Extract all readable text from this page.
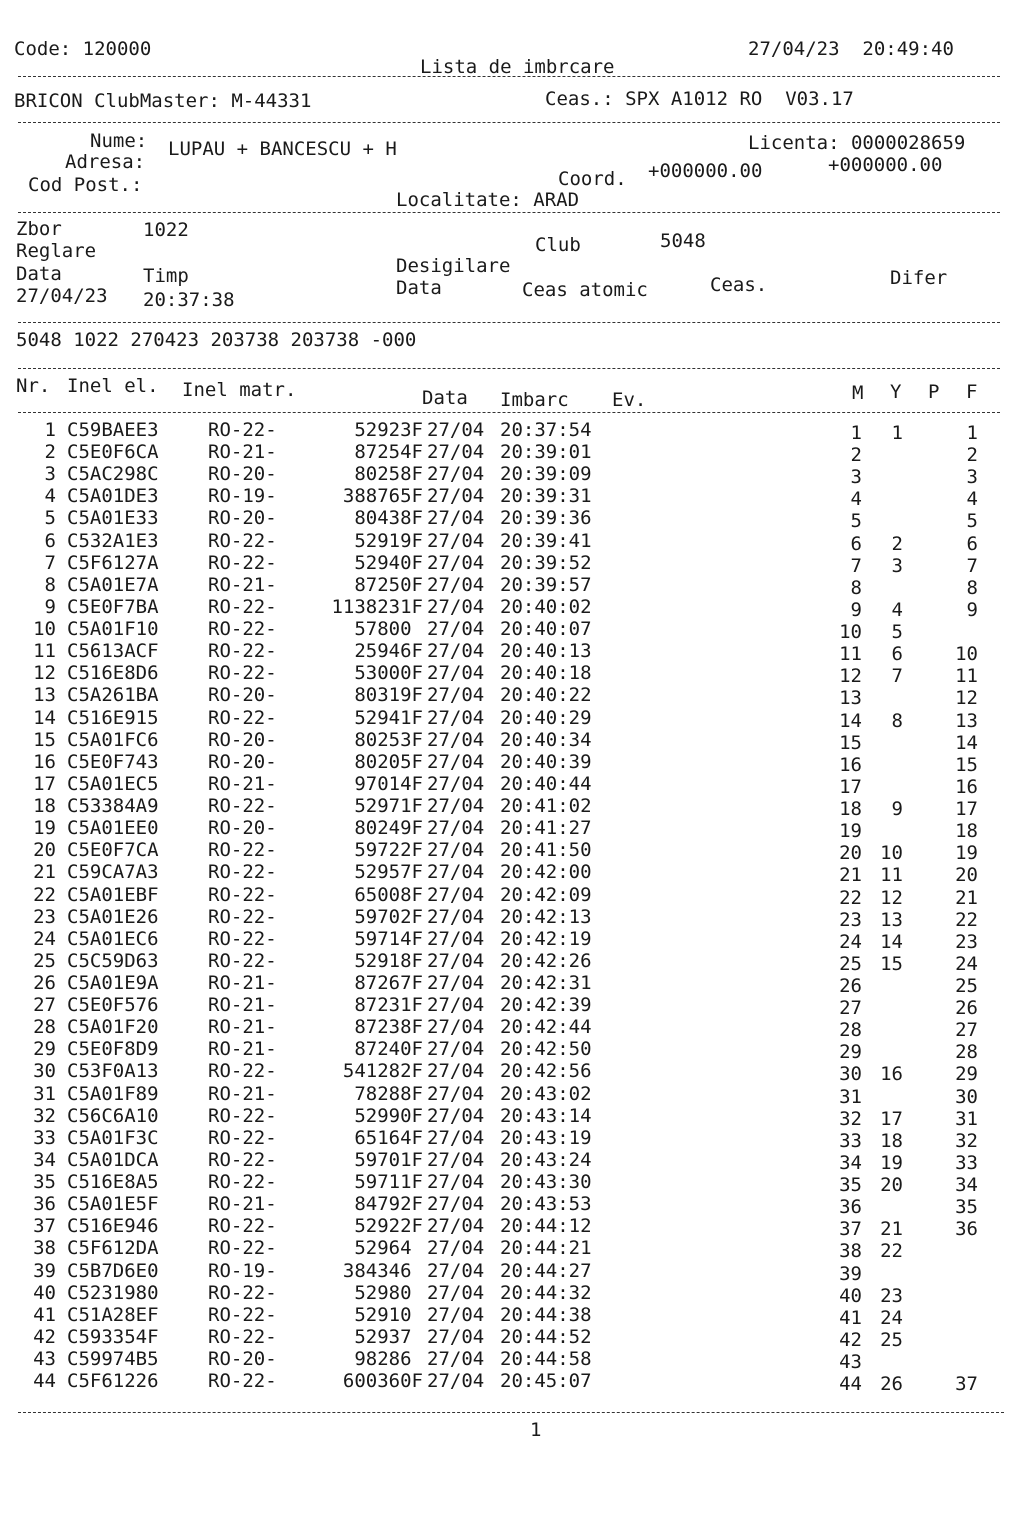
Code: 120000
Lista de imbrcare
27/04/23  20:49:40
BRICON ClubMaster: M-44331	Ceas.: SPX A1012 RO  V03.17
Nume: LUPAU + BANCESCU + H	Licenta: 0000028659
Adresa:
Coord. +000000.00	+000000.00
Cod Post.:
Localitate: ARAD
Zbor	1022
Reglare	Club	5048
Data	Timp	Desigilare
Data	Ceas atomic	Ceas.	Difer
27/04/23 20:37:38
5048 1022 270423 203738 203738 -000
Nr. Inel el. Inel matr.	Data Imbarc Ev.	M Y P F
1 C59BAEE3	RO-22-	52923F 27/04 20:37:54	1 1	1
2 C5E0F6CA	RO-21-	87254F 27/04 20:39:01	2	2
3 C5AC298C	RO-20-	80258F 27/04 20:39:09	3	3
4 C5A01DE3	RO-19-	388765F 27/04 20:39:31	4	4
5 C5A01E33	RO-20-	80438F 27/04 20:39:36	5	5
6 C532A1E3	RO-22-	52919F 27/04 20:39:41	6 2	6
7 C5F6127A	RO-22-	52940F 27/04 20:39:52	7 3	7
8 C5A01E7A	RO-21-	87250F 27/04 20:39:57	8	8
9 C5E0F7BA	RO-22-	1138231F 27/04 20:40:02	9 4	9
10 C5A01F10	RO-22-	57800 27/04 20:40:07	10 5
11 C5613ACF	RO-22-	25946F 27/04 20:40:13	11 6	10
12 C516E8D6	RO-22-	53000F 27/04 20:40:18	12 7	11
13 C5A261BA	RO-20-	80319F 27/04 20:40:22	13	12
14 C516E915	RO-22-	52941F 27/04 20:40:29	14 8	13
15 C5A01FC6	RO-20-	80253F 27/04 20:40:34	15	14
16 C5E0F743	RO-20-	80205F 27/04 20:40:39	16	15
17 C5A01EC5	RO-21-	97014F 27/04 20:40:44	17	16
18 C53384A9	RO-22-	52971F 27/04 20:41:02	18 9	17
19 C5A01EE0	RO-20-	80249F 27/04 20:41:27	19	18
20 C5E0F7CA	RO-22-	59722F 27/04 20:41:50	20 10	19
21 C59CA7A3	RO-22-	52957F 27/04 20:42:00	21 11	20
22 C5A01EBF	RO-22-	65008F 27/04 20:42:09	22 12	21
23 C5A01E26	RO-22-	59702F 27/04 20:42:13	23 13	22
24 C5A01EC6	RO-22-	59714F 27/04 20:42:19	24 14	23
25 C5C59D63	RO-22-	52918F 27/04 20:42:26	25 15	24
26 C5A01E9A	RO-21-	87267F 27/04 20:42:31	26	25
27 C5E0F576	RO-21-	87231F 27/04 20:42:39	27	26
28 C5A01F20	RO-21-	87238F 27/04 20:42:44	28	27
29 C5E0F8D9	RO-21-	87240F 27/04 20:42:50	29	28
30 C53F0A13	RO-22-	541282F 27/04 20:42:56	30 16	29
31 C5A01F89	RO-21-	78288F 27/04 20:43:02	31	30
32 C56C6A10	RO-22-	52990F 27/04 20:43:14	32 17	31
33 C5A01F3C	RO-22-	65164F 27/04 20:43:19	33 18	32
34 C5A01DCA	RO-22-	59701F 27/04 20:43:24	34 19	33
35 C516E8A5	RO-22-	59711F 27/04 20:43:30	35 20	34
36 C5A01E5F	RO-21-	84792F 27/04 20:43:53	36	35
37 C516E946	RO-22-	52922F 27/04 20:44:12	37 21	36
38 C5F612DA	RO-22-	52964 27/04 20:44:21	38 22
39 C5B7D6E0	RO-19-	384346 27/04 20:44:27	39
40 C5231980	RO-22-	52980 27/04 20:44:32	40 23
41 C51A28EF	RO-22-	52910 27/04 20:44:38	41 24
42 C593354F	RO-22-	52937 27/04 20:44:52	42 25
43 C59974B5	RO-20-	98286 27/04 20:44:58	43
44 C5F61226	RO-22-	600360F 27/04 20:45:07	44 26	37
1
